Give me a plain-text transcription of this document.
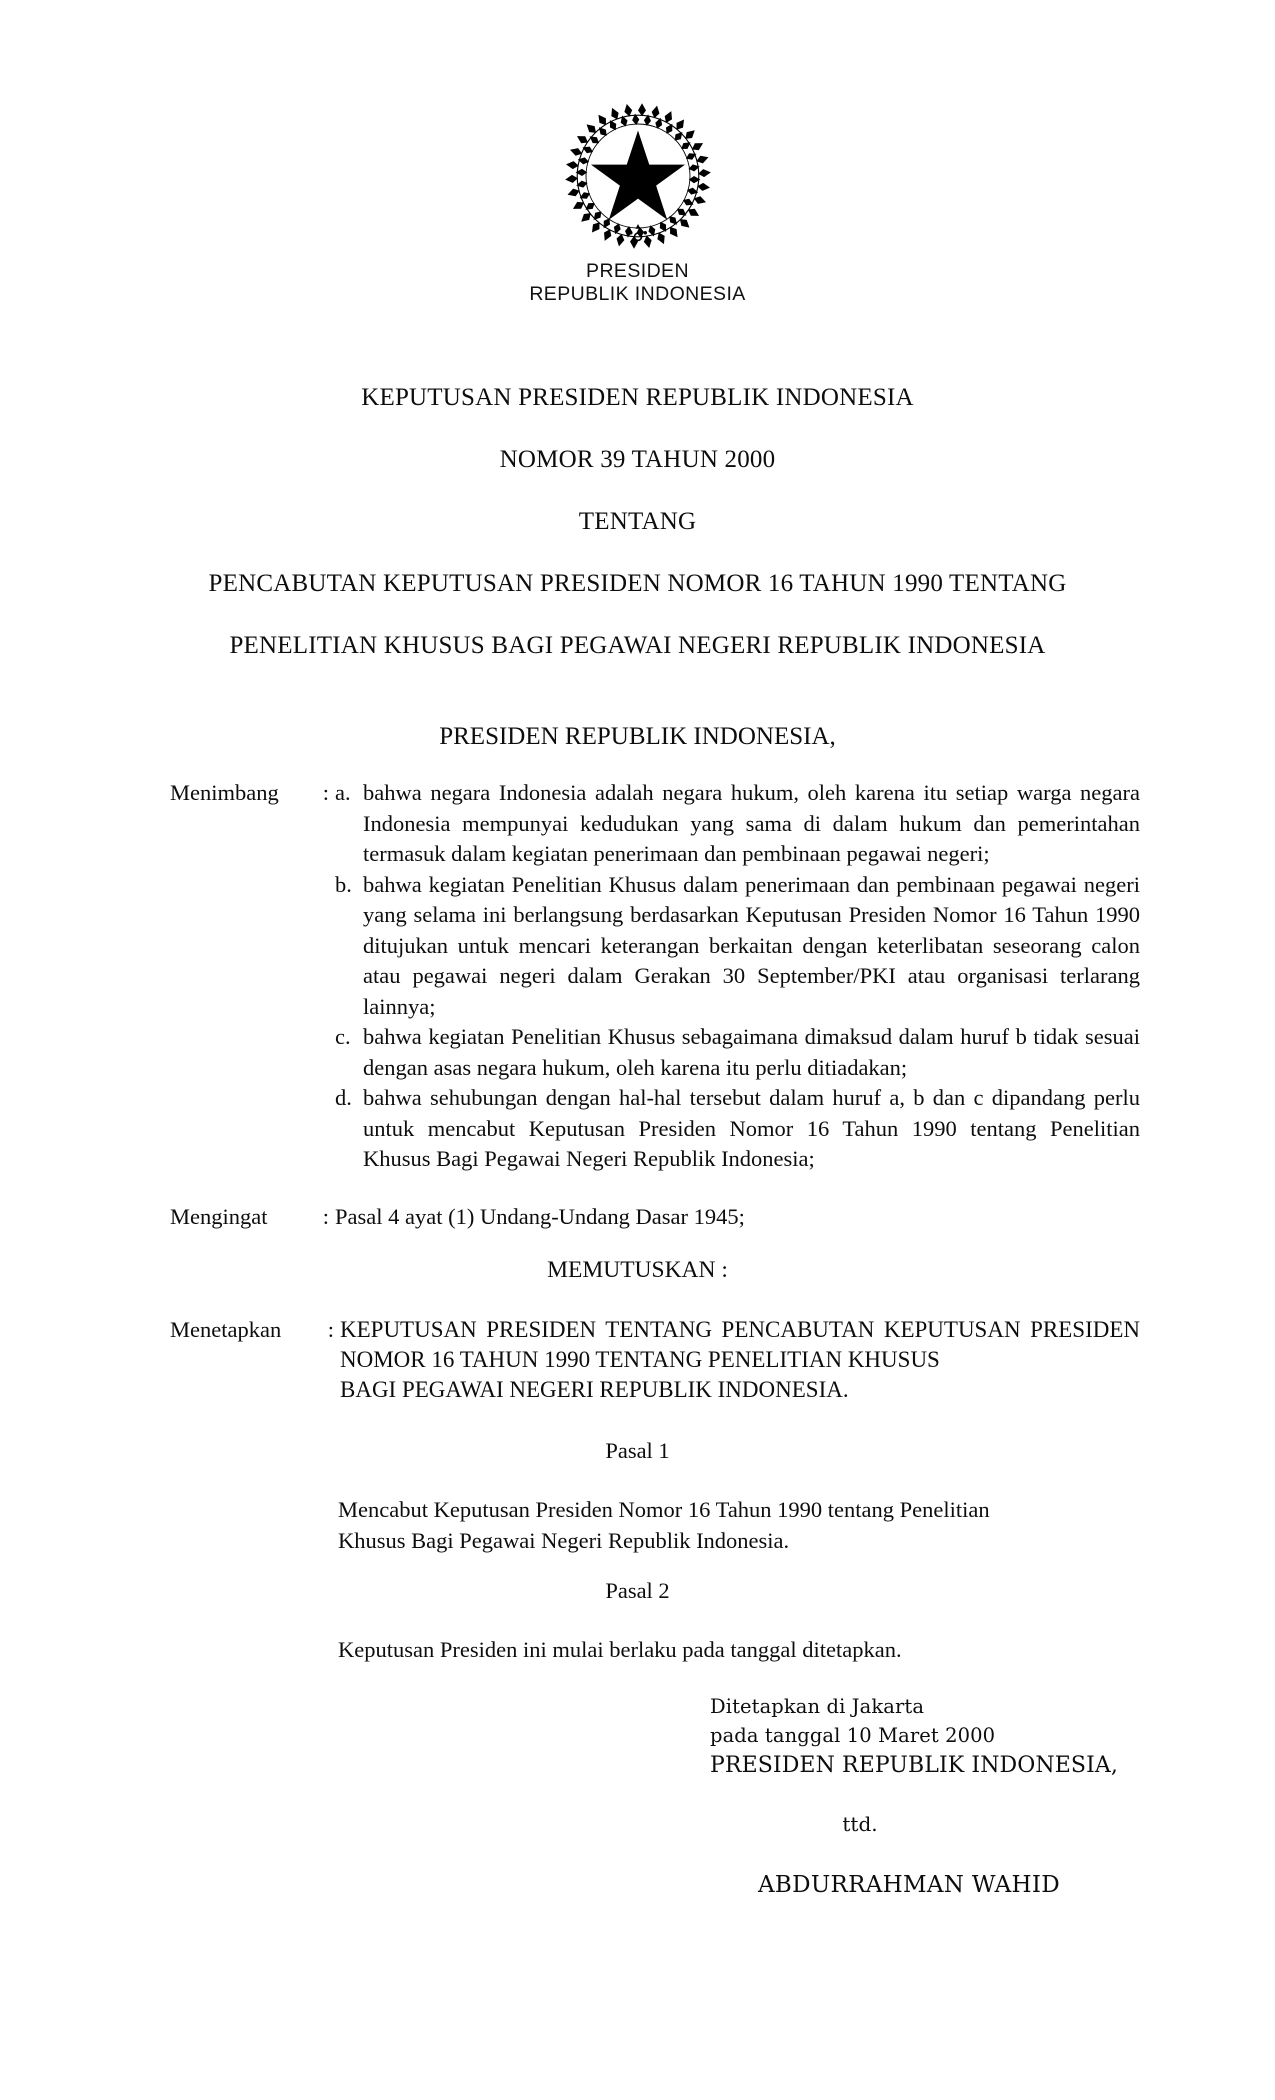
PRESIDEN
REPUBLIK INDONESIA
KEPUTUSAN PRESIDEN REPUBLIK INDONESIA
NOMOR 39 TAHUN 2000
TENTANG
PENCABUTAN KEPUTUSAN PRESIDEN NOMOR 16 TAHUN 1990 TENTANG
PENELITIAN KHUSUS BAGI PEGAWAI NEGERI REPUBLIK INDONESIA
PRESIDEN REPUBLIK INDONESIA,
Menimbang : a. bahwa negara Indonesia adalah negara hukum, oleh karena itu setiap warga negara Indonesia mempunyai kedudukan yang sama di dalam hukum dan pemerintahan termasuk dalam kegiatan penerimaan dan pembinaan pegawai negeri;
b. bahwa kegiatan Penelitian Khusus dalam penerimaan dan pembinaan pegawai negeri yang selama ini berlangsung berdasarkan Keputusan Presiden Nomor 16 Tahun 1990 ditujukan untuk mencari keterangan berkaitan dengan keterlibatan seseorang calon atau pegawai negeri dalam Gerakan 30 September/PKI atau organisasi terlarang lainnya;
c. bahwa kegiatan Penelitian Khusus sebagaimana dimaksud dalam huruf b tidak sesuai dengan asas negara hukum, oleh karena itu perlu ditiadakan;
d. bahwa sehubungan dengan hal-hal tersebut dalam huruf a, b dan c dipandang perlu untuk mencabut Keputusan Presiden Nomor 16 Tahun 1990 tentang Penelitian Khusus Bagi Pegawai Negeri Republik Indonesia;
Mengingat : Pasal 4 ayat (1) Undang-Undang Dasar 1945;
MEMUTUSKAN :
Menetapkan : KEPUTUSAN PRESIDEN TENTANG PENCABUTAN KEPUTUSAN PRESIDEN NOMOR 16 TAHUN 1990 TENTANG PENELITIAN KHUSUS
BAGI PEGAWAI NEGERI REPUBLIK INDONESIA.
Pasal 1
Mencabut Keputusan Presiden Nomor 16 Tahun 1990 tentang Penelitian
Khusus Bagi Pegawai Negeri Republik Indonesia.
Pasal 2
Keputusan Presiden ini mulai berlaku pada tanggal ditetapkan.
Ditetapkan di Jakarta
pada tanggal 10 Maret 2000
PRESIDEN REPUBLIK INDONESIA,
ttd.
ABDURRAHMAN WAHID
